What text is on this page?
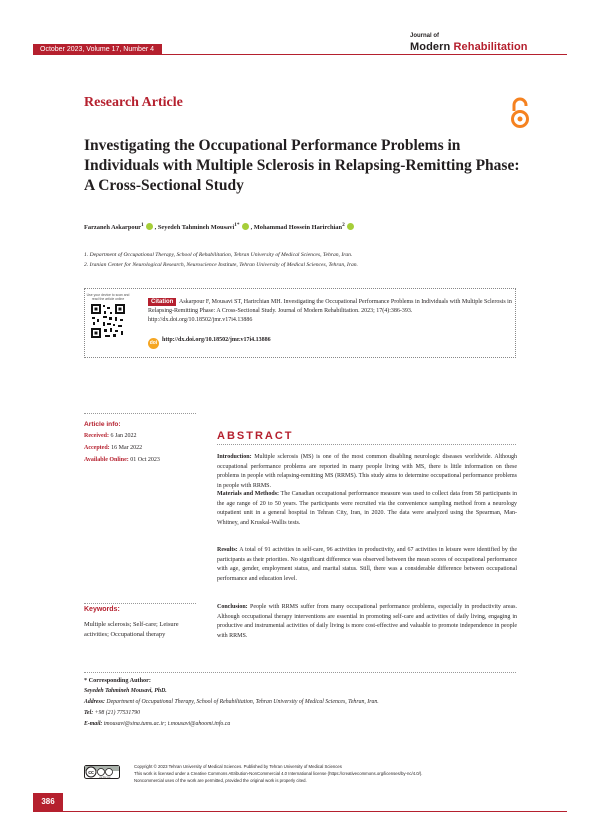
October 2023, Volume 17, Number 4
Journal of
Modern Rehabilitation
Research Article
Investigating the Occupational Performance Problems in Individuals with Multiple Sclerosis in Relapsing-Remitting Phase: A Cross-Sectional Study
Farzaneh Askarpour$^1$ , Seyedeh Tahmineh Mousavi$^{1*}$ , Mohammad Hossein Harirchian$^2$
1. Department of Occupational Therapy, School of Rehabilitation, Tehran University of Medical Sciences, Tehran, Iran.
2. Iranian Center for Neurological Research, Neuroscience Institute, Tehran University of Medical Sciences, Tehran, Iran.
Use your device to scan and read the article online	Askarpour F, Mousavi ST, Harirchian MH. Investigating the Occupational Performance Problems in Individuals with Multiple Sclerosis in Relapsing-Remitting Phase: A Cross-Sectional Study. Journal of Modern Rehabilitation. 2023; 17(4):386-393. http://dx.doi.org/10.18502/jmr.v17i4.13886
Citation
doi http://dx.doi.org/10.18502/jmr.v17i4.13886
Article info:
Received: 6 Jan 2022
Accepted: 16 Mar 2022
Available Online: 01 Oct 2023
Keywords:
Multiple sclerosis; Self-care; Leisure activities; Occupational therapy
ABSTRACT
Introduction: Multiple sclerosis (MS) is one of the most common disabling neurologic diseases worldwide. Although occupational performance problems are reported in many people living with MS, there is little information on these problems in people with relapsing-remitting MS (RRMS). This study aims to determine occupational performance problems in people with RRMS.
Materials and Methods: The Canadian occupational performance measure was used to collect data from 58 participants in the age range of 20 to 50 years. The participants were recruited via the convenience sampling method from a neurology outpatient unit in a general hospital in Tehran City, Iran, in 2020. The data were analyzed using the Spearman, Man-Whitney, and Kruskal-Wallis tests.
Results: A total of 91 activities in self-care, 96 activities in productivity, and 67 activities in leisure were identified by the participants as their priorities. No significant difference was observed between the mean scores of occupational performance with age, gender, employment status, and marital status. Still, there was a considerable difference between occupational performance and education level.
Conclusion: People with RRMS suffer from many occupational performance problems, especially in productivity areas. Although occupational therapy interventions are essential in promoting self-care and activities of daily living, engaging in productive and instrumental activities of daily living is more cost-effective and valuable to promote independence in people with RRMS.
* Corresponding Author:
Seyedeh Tahmineh Mousavi, PhD.
Address: Department of Occupational Therapy, School of Rehabilitation, Tehran University of Medical Sciences, Tehran, Iran.
Tel: +98 (21) 77531790
E-mail: tmousavi@sina.tums.ac.ir; t.mousavi@ahoomi.info.ca
cc
cc by nc
Copyright © 2023 Tehran University of Medical Sciences. Published by Tehran University of Medical Sciences
This work is licensed under a Creative Commons Attribution-NonCommercial 4.0 International license (https://creativecommons.org/licenses/by-nc/4.0/).
Noncommercial uses of the work are permitted, provided the original work is properly cited.
386
